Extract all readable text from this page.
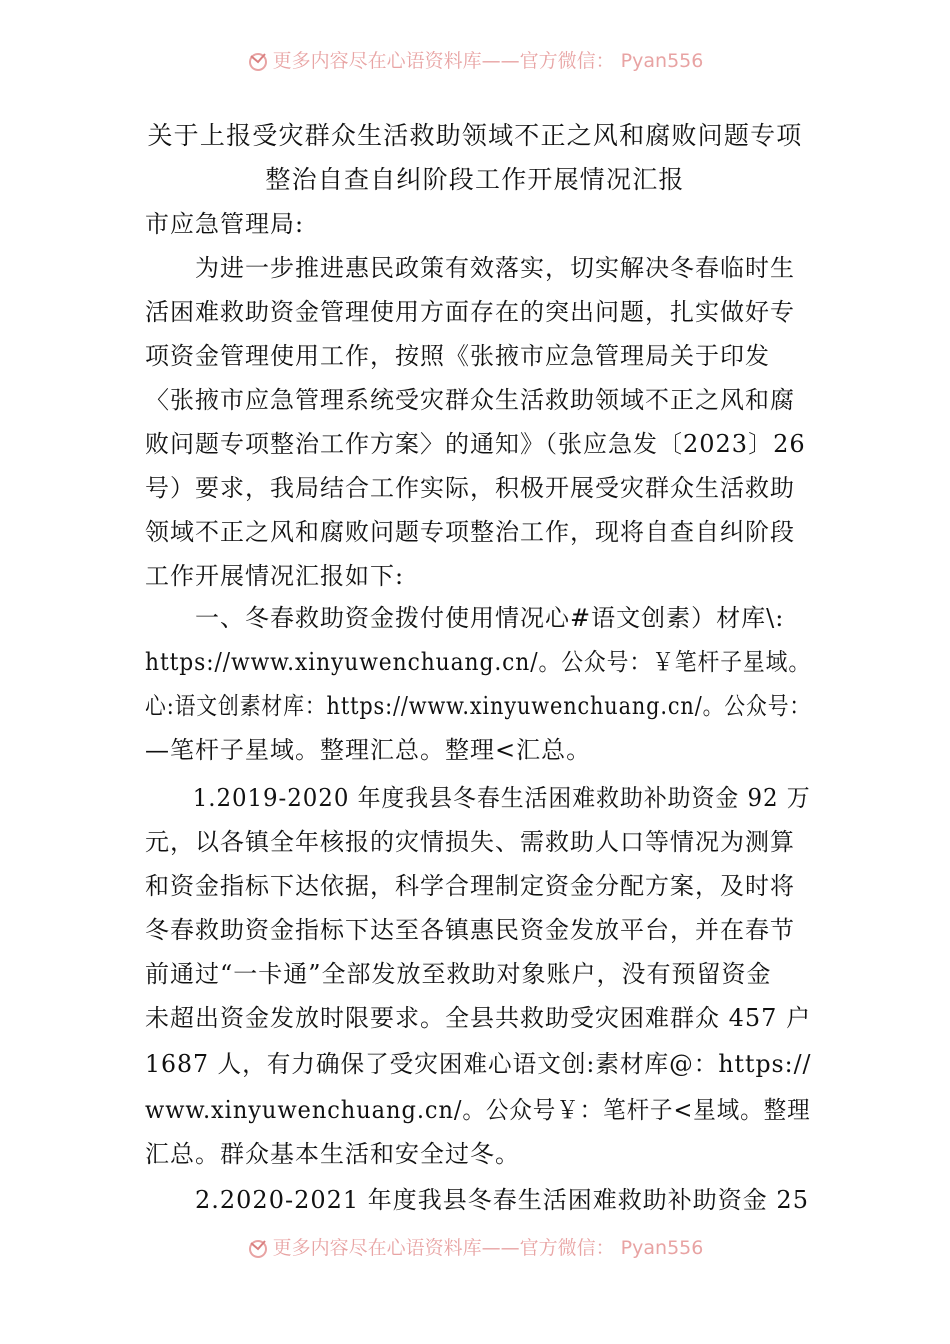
更多内容尽在心语资料库——官方微信： Pyan556
关于上报受灾群众生活救助领域不正之风和腐败问题专项
整治自查自纠阶段工作开展情况汇报
市应急管理局:
　　为进一步推进惠民政策有效落实，切实解决冬春临时生
活困难救助资金管理使用方面存在的突出问题，扎实做好专
项资金管理使用工作，按照《张掖市应急管理局关于印发
〈张掖市应急管理系统受灾群众生活救助领域不正之风和腐
败问题专项整治工作方案〉的通知》（张应急发〔2023〕26
号）要求，我局结合工作实际，积极开展受灾群众生活救助
领域不正之风和腐败问题专项整治工作，现将自查自纠阶段
工作开展情况汇报如下:
　　一、冬春救助资金拨付使用情况心#语文创素）材库\:
https://www.xinyuwenchuang.cn/。公众号：￥笔杆子星域。
心:语文创素材库：https://www.xinyuwenchuang.cn/。公众号：
—笔杆子星域。整理汇总。整理<汇总。
　　1.2019-2020 年度我县冬春生活困难救助补助资金 92 万
元，以各镇全年核报的灾情损失、需救助人口等情况为测算
和资金指标下达依据，科学合理制定资金分配方案，及时将
冬春救助资金指标下达至各镇惠民资金发放平台，并在春节
前通过“一卡通”全部发放至救助对象账户，没有预留资金
未超出资金发放时限要求。全县共救助受灾困难群众 457 户
1687 人，有力确保了受灾困难心语文创:素材库@：https://
www.xinyuwenchuang.cn/。公众号￥：笔杆子<星域。整理
汇总。群众基本生活和安全过冬。
　　2.2020-2021 年度我县冬春生活困难救助补助资金 25
更多内容尽在心语资料库——官方微信： Pyan556
